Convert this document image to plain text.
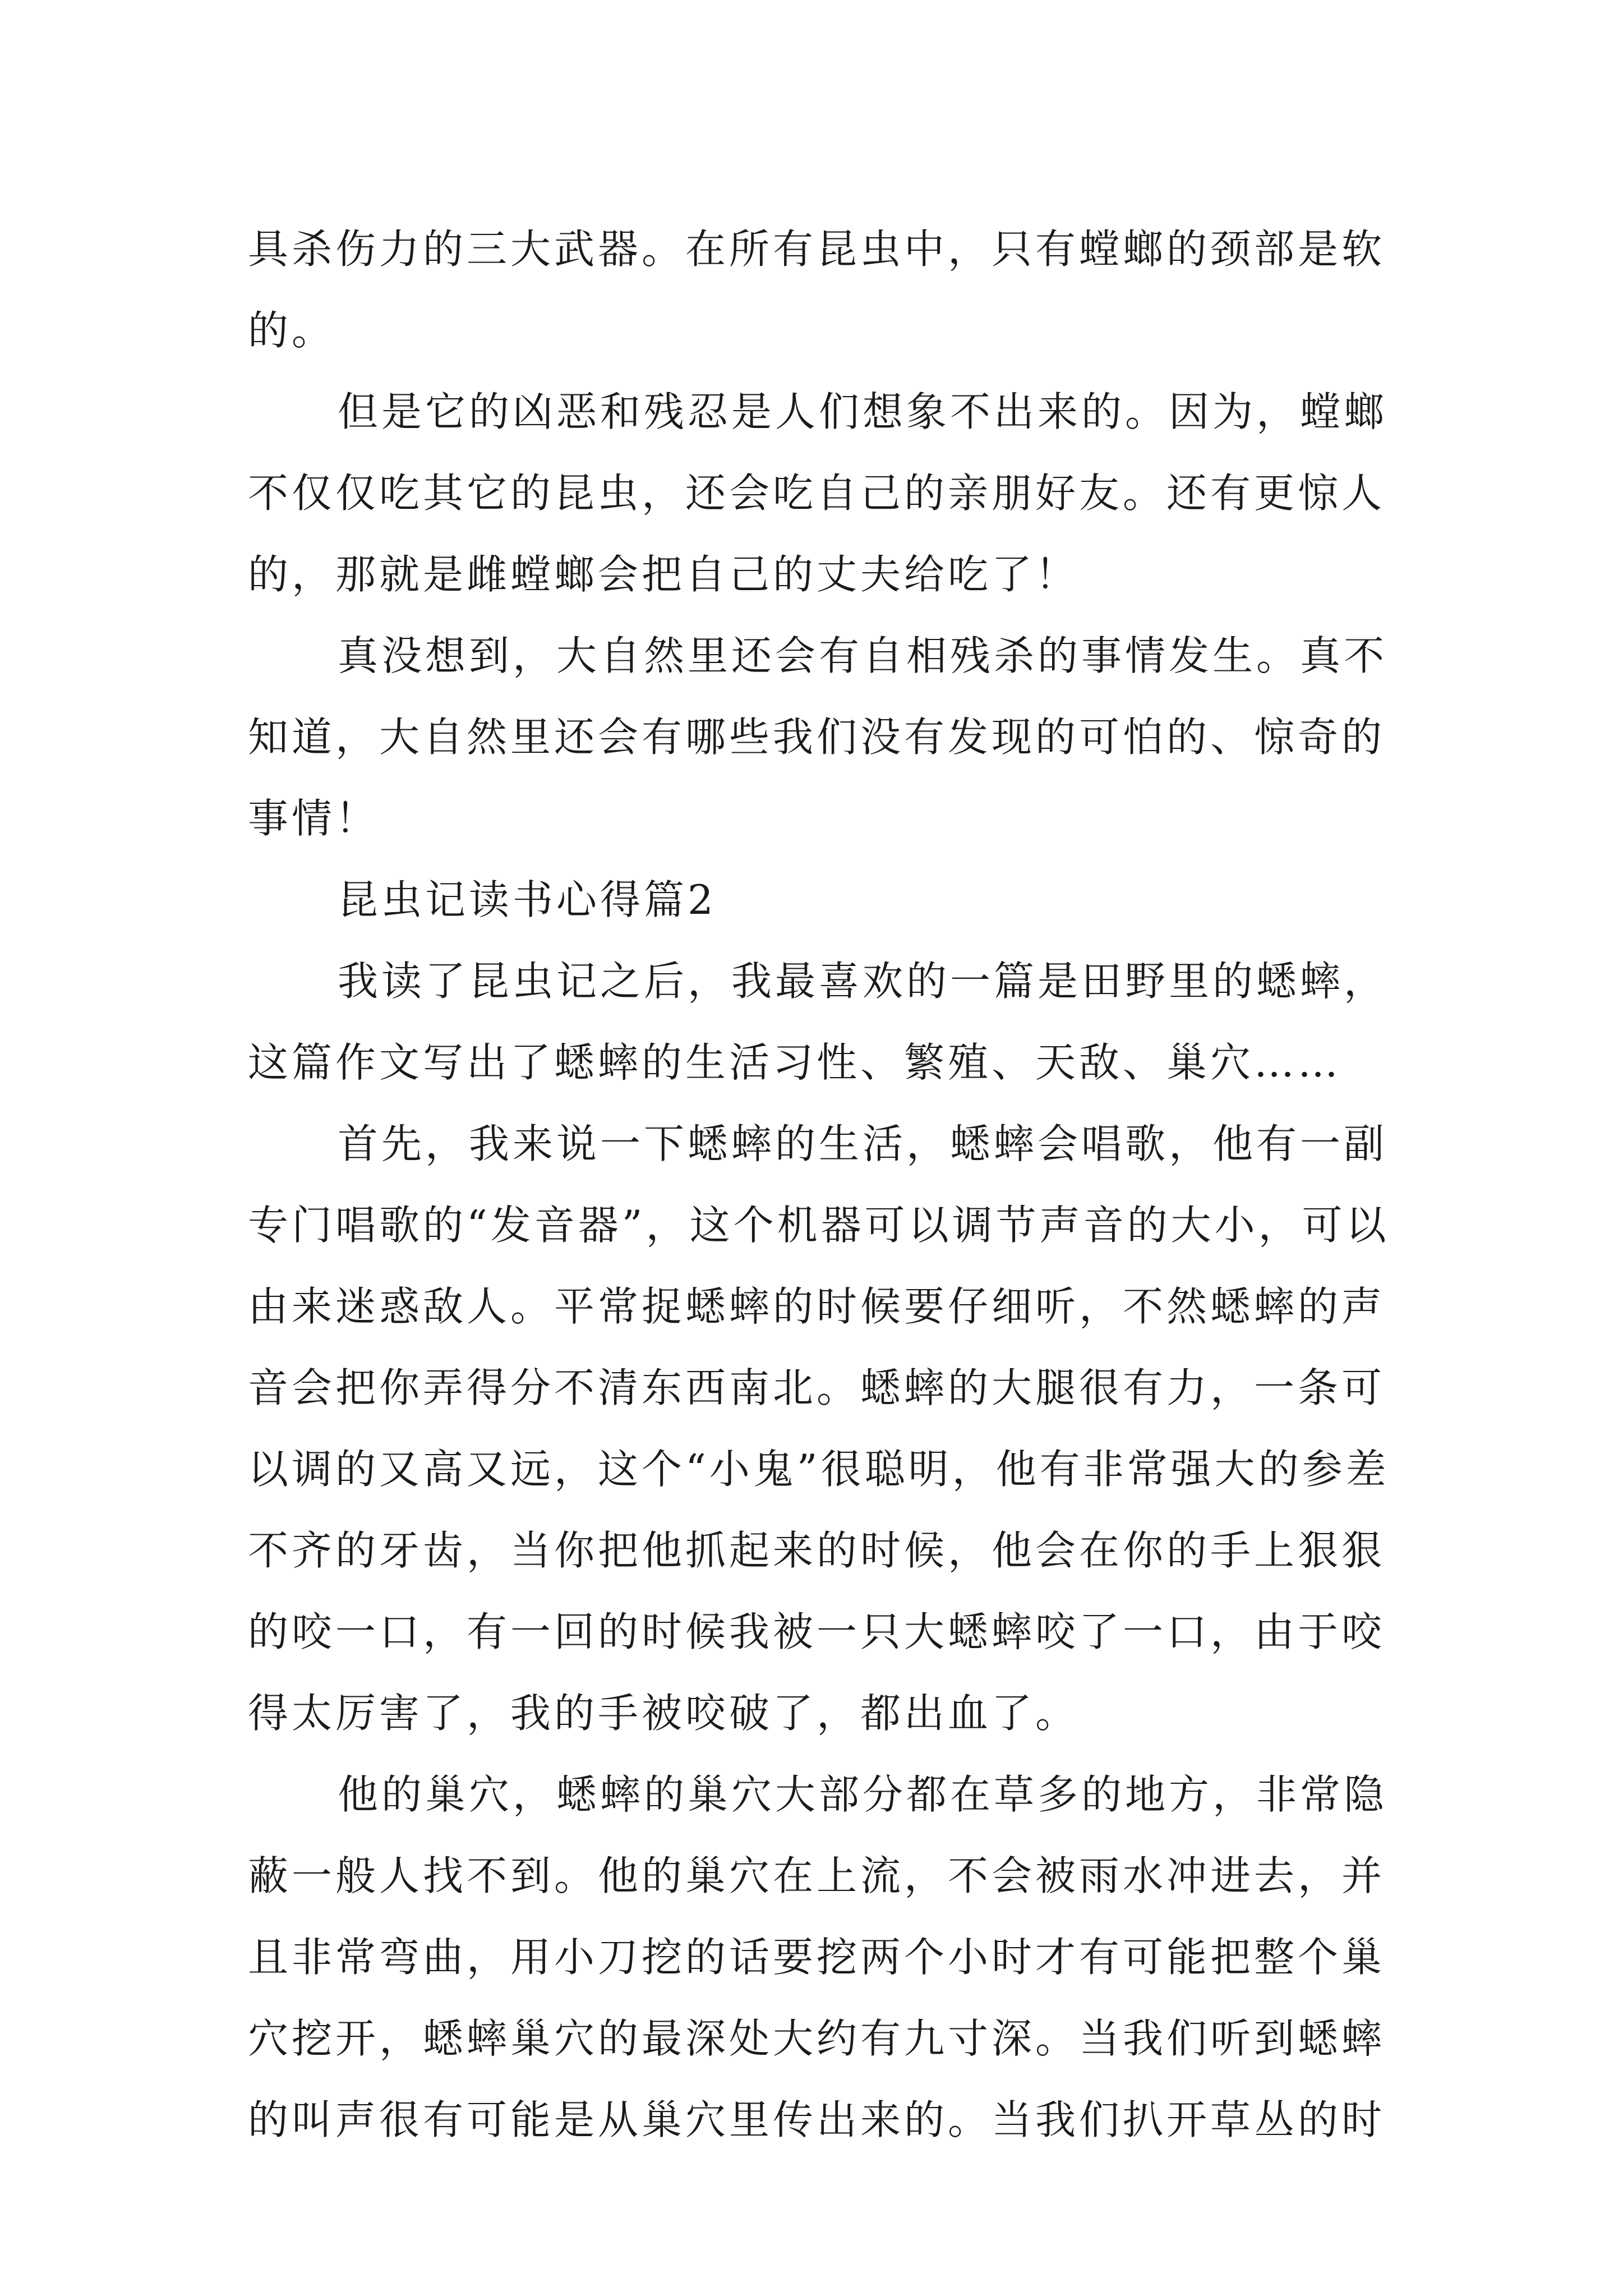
具杀伤力的三大武器。在所有昆虫中，只有螳螂的颈部是软的。

但是它的凶恶和残忍是人们想象不出来的。因为，螳螂不仅仅吃其它的昆虫，还会吃自己的亲朋好友。还有更惊人的，那就是雌螳螂会把自己的丈夫给吃了！

真没想到，大自然里还会有自相残杀的事情发生。真不知道，大自然里还会有哪些我们没有发现的可怕的、惊奇的事情！

昆虫记读书心得篇2

我读了昆虫记之后，我最喜欢的一篇是田野里的蟋蟀，这篇作文写出了蟋蟀的生活习性、繁殖、天敌、巢穴……

首先，我来说一下蟋蟀的生活，蟋蟀会唱歌，他有一副专门唱歌的“发音器”，这个机器可以调节声音的大小，可以由来迷惑敌人。平常捉蟋蟀的时候要仔细听，不然蟋蟀的声音会把你弄得分不清东西南北。蟋蟀的大腿很有力，一条可以调的又高又远，这个“小鬼”很聪明，他有非常强大的参差不齐的牙齿，当你把他抓起来的时候，他会在你的手上狠狠的咬一口，有一回的时候我被一只大蟋蟀咬了一口，由于咬得太厉害了，我的手被咬破了，都出血了。

他的巢穴，蟋蟀的巢穴大部分都在草多的地方，非常隐蔽一般人找不到。他的巢穴在上流，不会被雨水冲进去，并且非常弯曲，用小刀挖的话要挖两个小时才有可能把整个巢穴挖开，蟋蟀巢穴的最深处大约有九寸深。当我们听到蟋蟀的叫声很有可能是从巢穴里传出来的。当我们扒开草丛的时
